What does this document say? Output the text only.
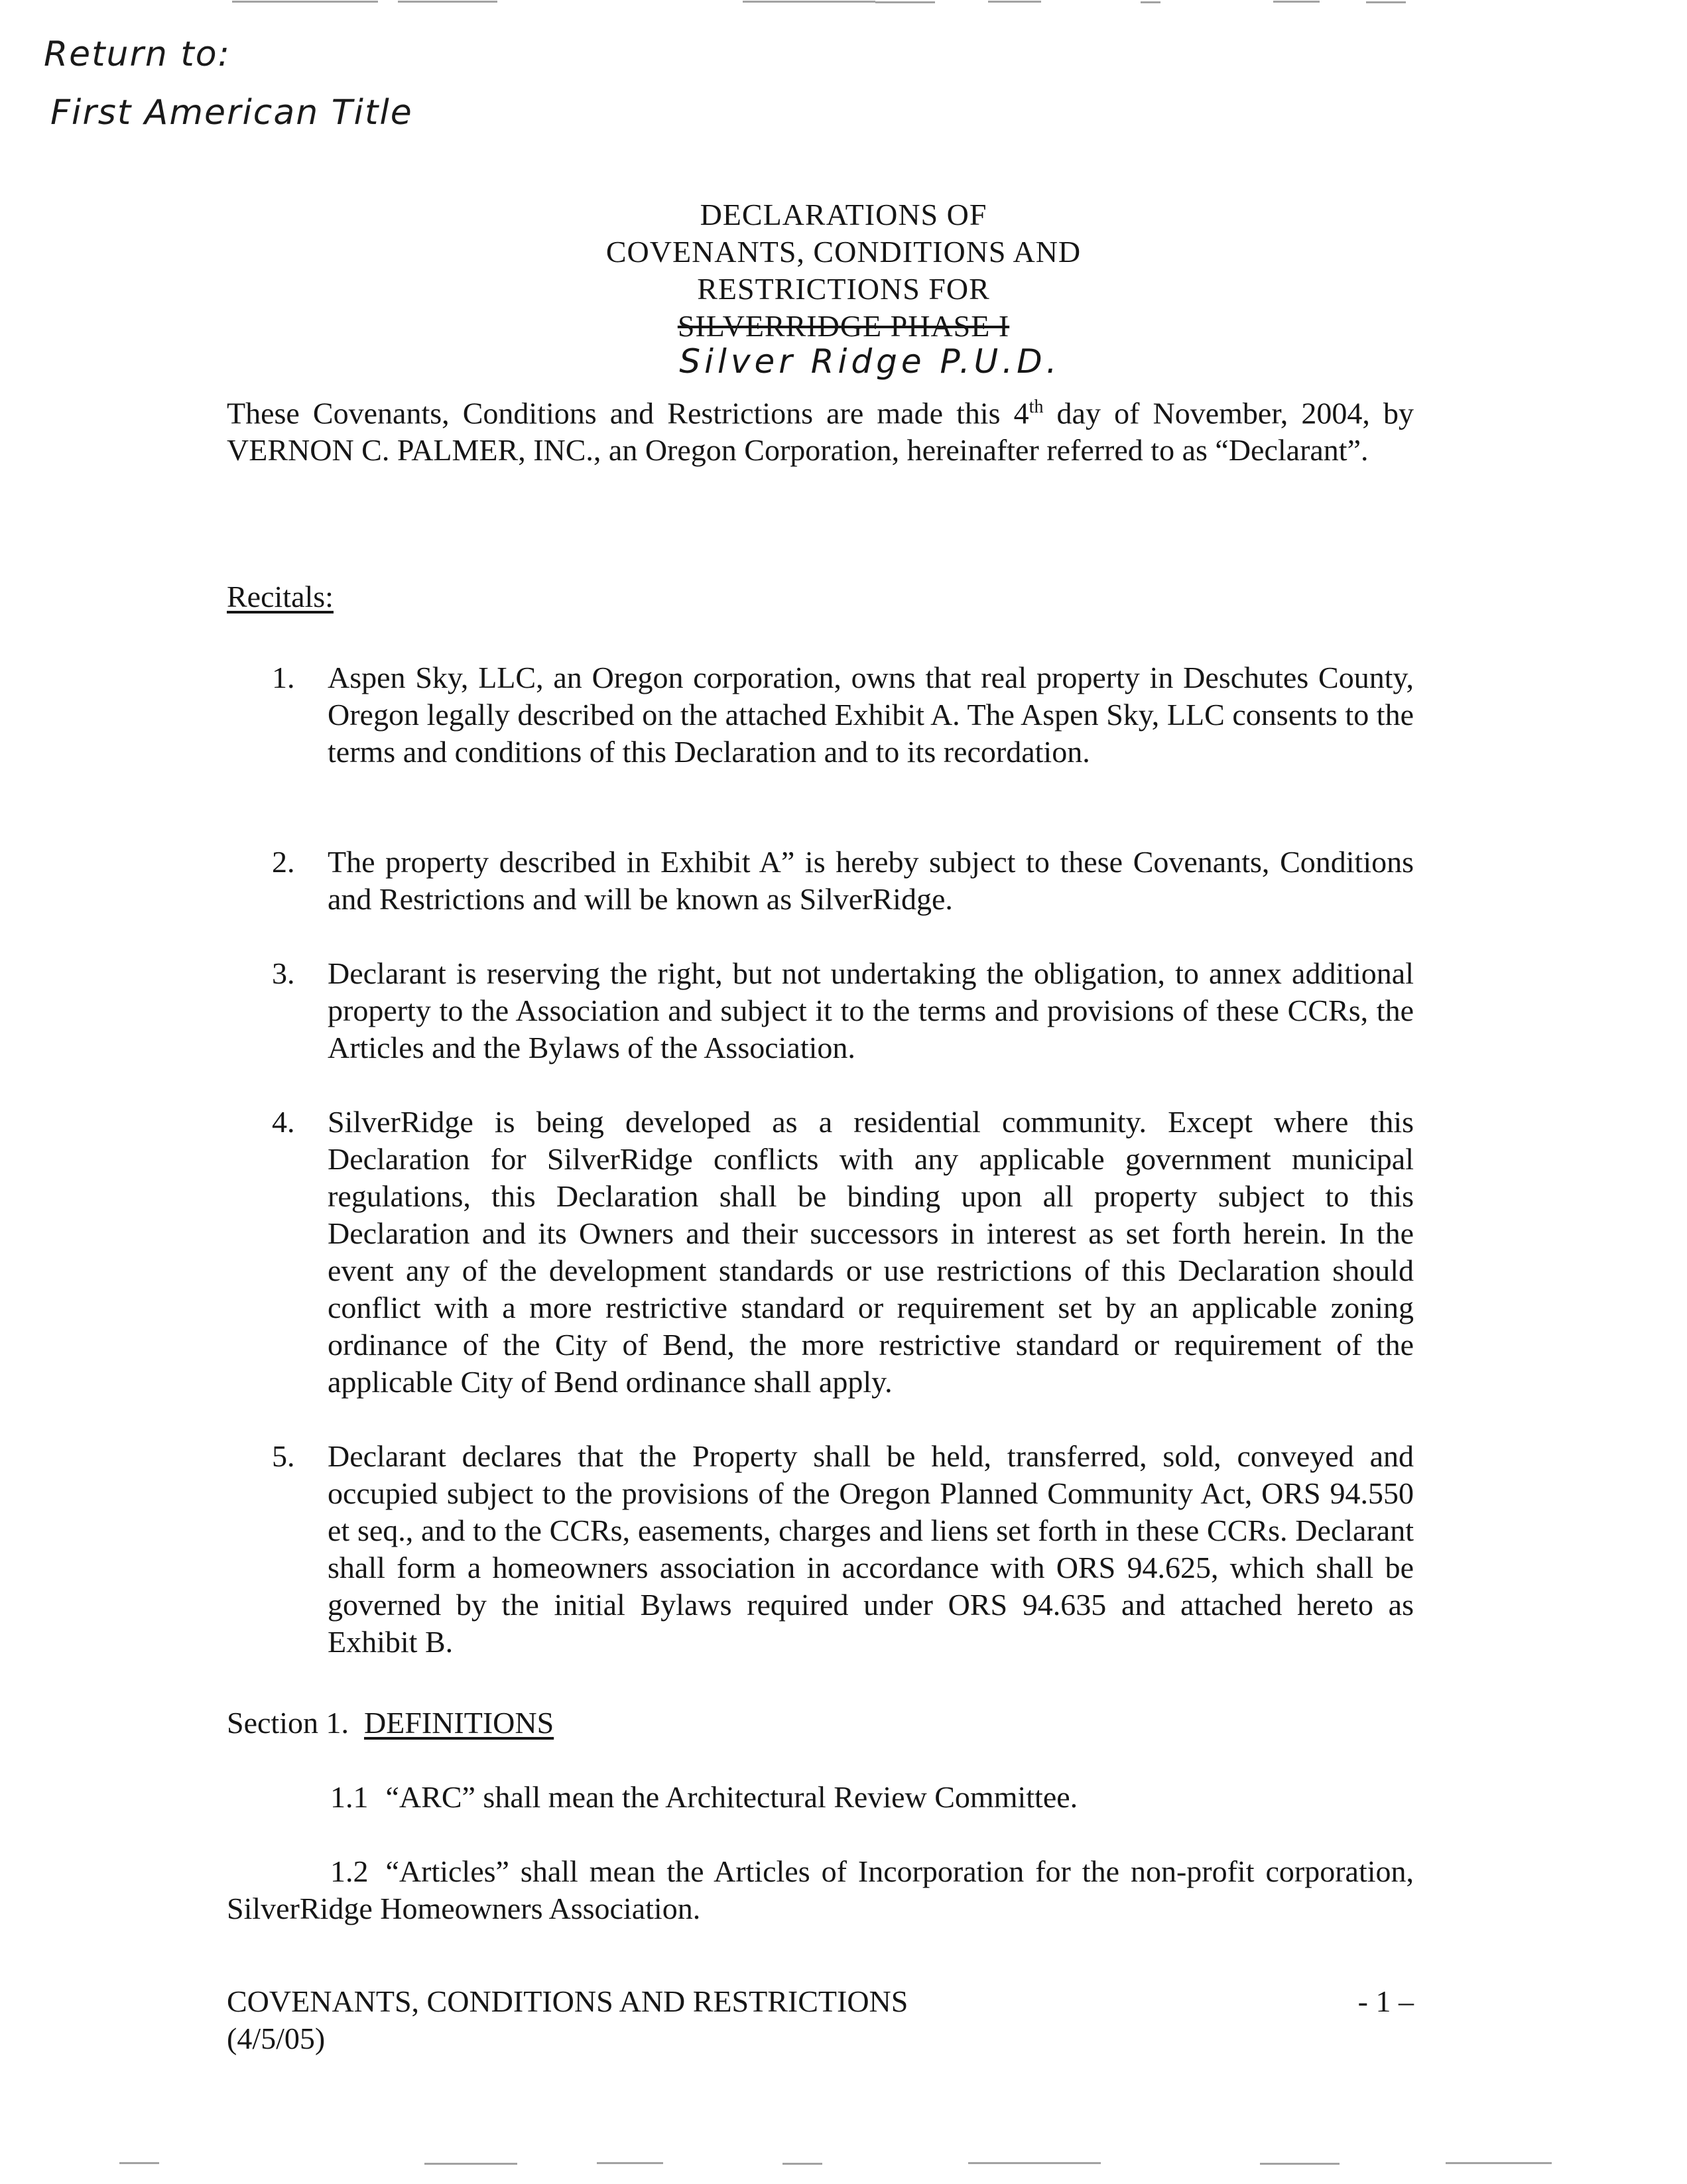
Return to:
First American Title
DECLARATIONS OF
COVENANTS, CONDITIONS AND
RESTRICTIONS FOR
SILVERRIDGE PHASE I
Silver Ridge P.U.D.
These Covenants, Conditions and Restrictions are made this 4th day of November, 2004, by VERNON C. PALMER, INC., an Oregon Corporation, hereinafter referred to as “Declarant”.
Recitals:
1.	Aspen Sky, LLC, an Oregon corporation, owns that real property in Deschutes County, Oregon legally described on the attached Exhibit A. The Aspen Sky, LLC consents to the terms and conditions of this Declaration and to its recordation.
2.	The property described in Exhibit A” is hereby subject to these Covenants, Conditions and Restrictions and will be known as SilverRidge.
3.	Declarant is reserving the right, but not undertaking the obligation, to annex additional property to the Association and subject it to the terms and provisions of these CCRs, the Articles and the Bylaws of the Association.
4.	SilverRidge is being developed as a residential community. Except where this Declaration for SilverRidge conflicts with any applicable government municipal regulations, this Declaration shall be binding upon all property subject to this Declaration and its Owners and their successors in interest as set forth herein. In the event any of the development standards or use restrictions of this Declaration should conflict with a more restrictive standard or requirement set by an applicable zoning ordinance of the City of Bend, the more restrictive standard or requirement of the applicable City of Bend ordinance shall apply.
5.	Declarant declares that the Property shall be held, transferred, sold, conveyed and occupied subject to the provisions of the Oregon Planned Community Act, ORS 94.550 et seq., and to the CCRs, easements, charges and liens set forth in these CCRs. Declarant shall form a homeowners association in accordance with ORS 94.625, which shall be governed by the initial Bylaws required under ORS 94.635 and attached hereto as Exhibit B.
Section 1. DEFINITIONS
1.1 “ARC” shall mean the Architectural Review Committee.
1.2 “Articles” shall mean the Articles of Incorporation for the non-profit corporation, SilverRidge Homeowners Association.
COVENANTS, CONDITIONS AND RESTRICTIONS
(4/5/05)
- 1 –
